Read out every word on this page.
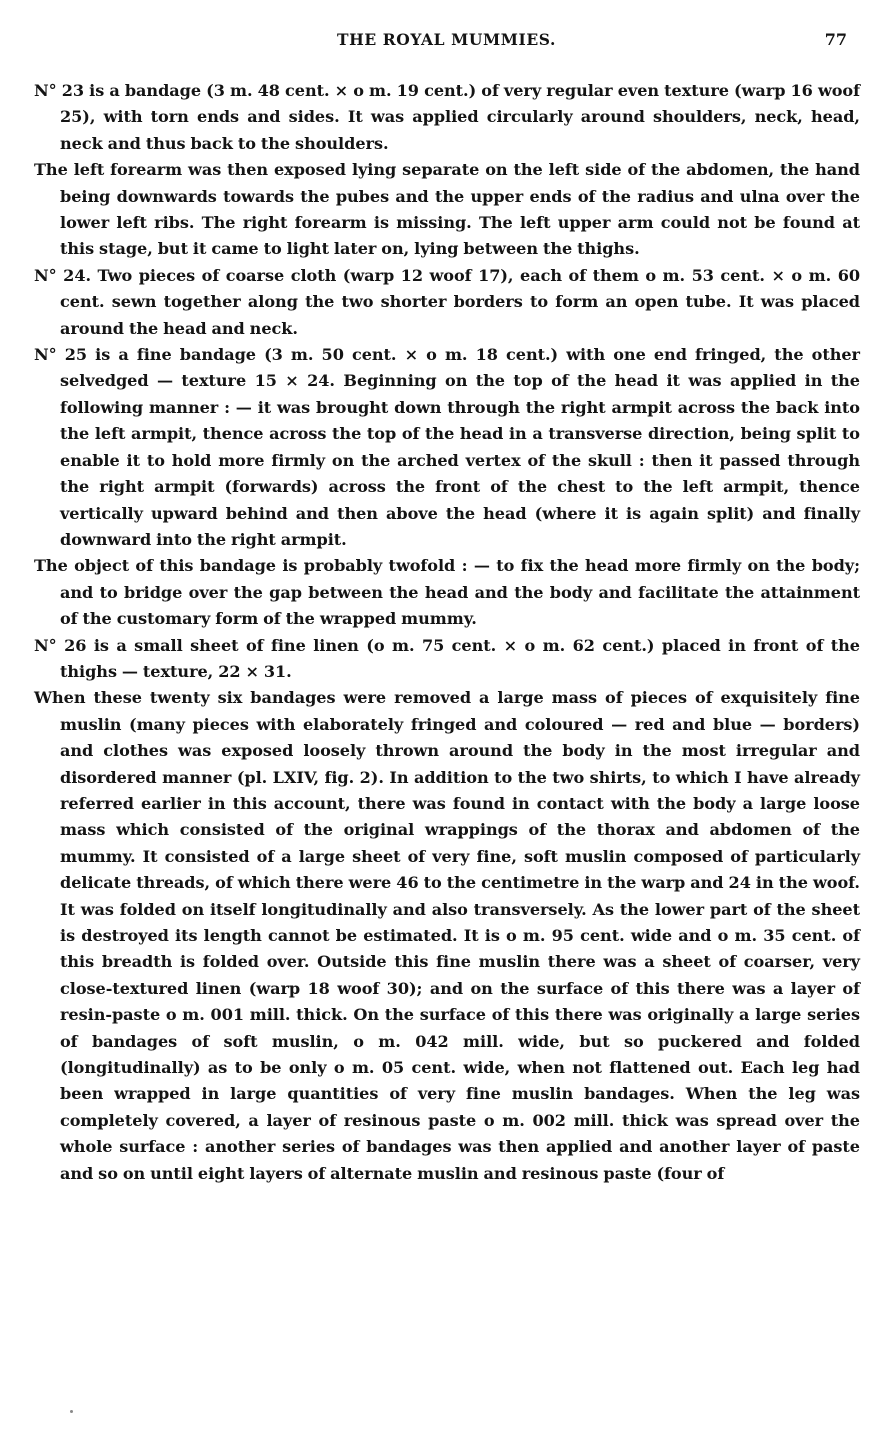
THE ROYAL MUMMIES.	77

N° 23 is a bandage (3 m. 48 cent. × o m. 19 cent.) of very regular even texture (warp 16 woof 25), with torn ends and sides. It was applied circularly around shoulders, neck, head, neck and thus back to the shoulders.

The left forearm was then exposed lying separate on the left side of the abdomen, the hand being downwards towards the pubes and the upper ends of the radius and ulna over the lower left ribs. The right forearm is missing. The left upper arm could not be found at this stage, but it came to light later on, lying between the thighs.

N° 24. Two pieces of coarse cloth (warp 12 woof 17), each of them o m. 53 cent. × o m. 60 cent. sewn together along the two shorter borders to form an open tube. It was placed around the head and neck.

N° 25 is a fine bandage (3 m. 50 cent. × o m. 18 cent.) with one end fringed, the other selvedged — texture 15 × 24. Beginning on the top of the head it was applied in the following manner : — it was brought down through the right armpit across the back into the left armpit, thence across the top of the head in a transverse direction, being split to enable it to hold more firmly on the arched vertex of the skull : then it passed through the right armpit (forwards) across the front of the chest to the left armpit, thence vertically upward behind and then above the head (where it is again split) and finally downward into the right armpit.

The object of this bandage is probably twofold : — to fix the head more firmly on the body; and to bridge over the gap between the head and the body and facilitate the attainment of the customary form of the wrapped mummy.

N° 26 is a small sheet of fine linen (o m. 75 cent. × o m. 62 cent.) placed in front of the thighs — texture, 22 × 31.

When these twenty six bandages were removed a large mass of pieces of exquisitely fine muslin (many pieces with elaborately fringed and coloured — red and blue — borders) and clothes was exposed loosely thrown around the body in the most irregular and disordered manner (pl. LXIV, fig. 2). In addition to the two shirts, to which I have already referred earlier in this account, there was found in contact with the body a large loose mass which consisted of the original wrappings of the thorax and abdomen of the mummy. It consisted of a large sheet of very fine, soft muslin composed of particularly delicate threads, of which there were 46 to the centimetre in the warp and 24 in the woof. It was folded on itself longitudinally and also transversely. As the lower part of the sheet is destroyed its length cannot be estimated. It is o m. 95 cent. wide and o m. 35 cent. of this breadth is folded over. Outside this fine muslin there was a sheet of coarser, very close-textured linen (warp 18 woof 30); and on the surface of this there was a layer of resin-paste o m. 001 mill. thick. On the surface of this there was originally a large series of bandages of soft muslin, o m. 042 mill. wide, but so puckered and folded (longitudinally) as to be only o m. 05 cent. wide, when not flattened out. Each leg had been wrapped in large quantities of very fine muslin bandages. When the leg was completely covered, a layer of resinous paste o m. 002 mill. thick was spread over the whole surface : another series of bandages was then applied and another layer of paste and so on until eight layers of alternate muslin and resinous paste (four of
